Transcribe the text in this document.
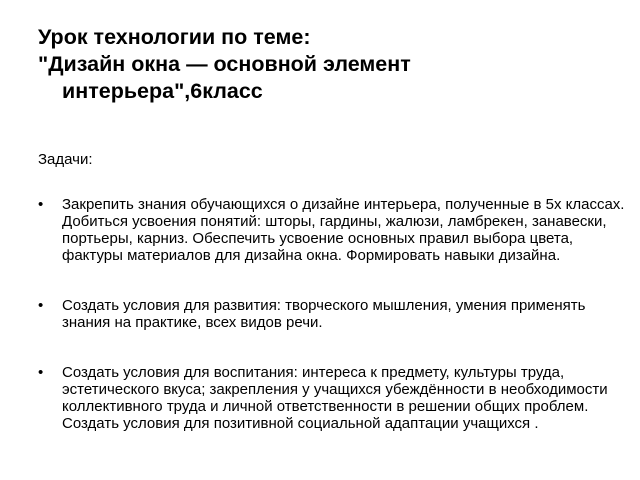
Урок технологии по теме:
"Дизайн окна — основной элемент
интерьера",6класс

Задачи:

• Закрепить знания обучающихся о дизайне интерьера, полученные в 5х классах. Добиться усвоения понятий: шторы, гардины, жалюзи, ламбрекен, занавески, портьеры, карниз. Обеспечить усвоение основных правил выбора цвета, фактуры материалов для дизайна окна. Формировать навыки дизайна.
• Создать условия для развития: творческого мышления, умения применять знания на практике, всех видов речи.
• Создать условия для воспитания: интереса к предмету, культуры труда, эстетического вкуса; закрепления у учащихся убеждённости в необходимости коллективного труда и личной ответственности в решении общих проблем. Создать условия для позитивной социальной адаптации учащихся .
